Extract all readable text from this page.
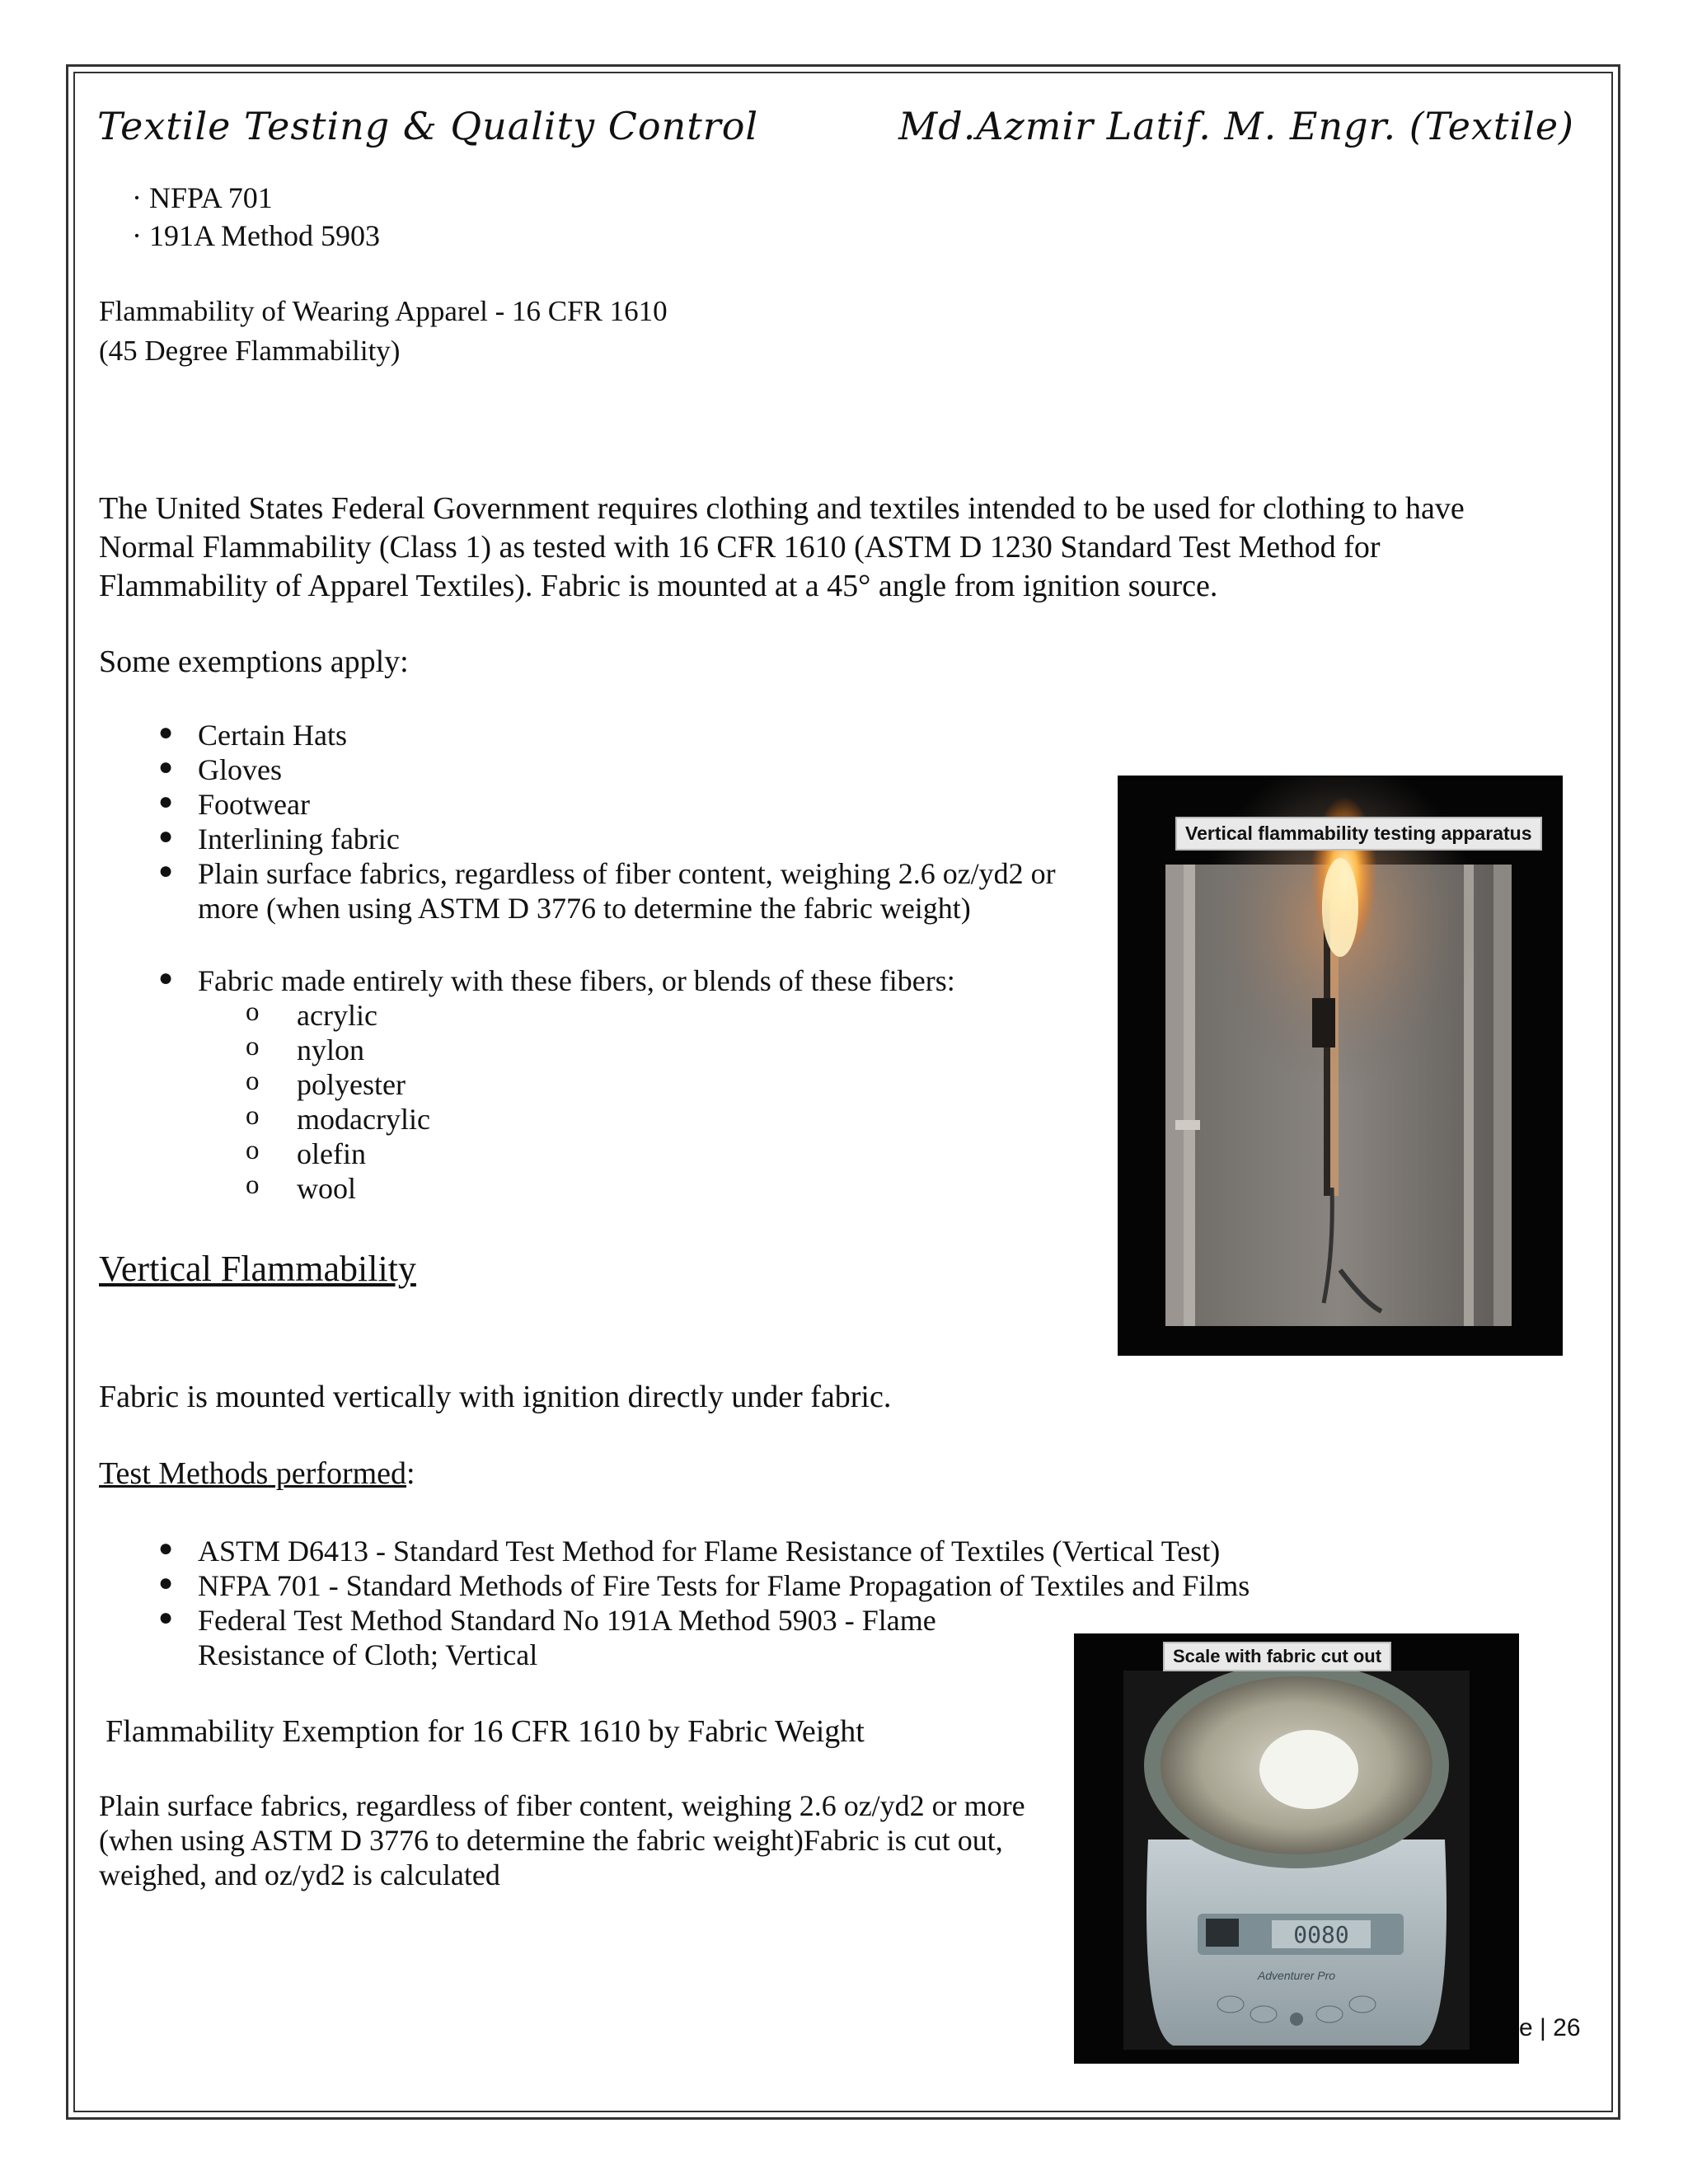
Textile Testing & Quality Control	Md.Azmir Latif. M. Engr. (Textile)
· NFPA 701
· 191A Method 5903
Flammability of Wearing Apparel - 16 CFR 1610
(45 Degree Flammability)
The United States Federal Government requires clothing and textiles intended to be used for clothing to have
Normal Flammability (Class 1) as tested with 16 CFR 1610 (ASTM D 1230 Standard Test Method for
Flammability of Apparel Textiles). Fabric is mounted at a 45° angle from ignition source.
Some exemptions apply:
● Certain Hats
● Gloves
● Footwear
● Interlining fabric
● Plain surface fabrics, regardless of fiber content, weighing 2.6 oz/yd2 or
more (when using ASTM D 3776 to determine the fabric weight)
● Fabric made entirely with these fibers, or blends of these fibers:
o acrylic
o nylon
o polyester
o modacrylic
o olefin
o wool
Vertical Flammability
Fabric is mounted vertically with ignition directly under fabric.
Test Methods performed:
● ASTM D6413 - Standard Test Method for Flame Resistance of Textiles (Vertical Test)
● NFPA 701 - Standard Methods of Fire Tests for Flame Propagation of Textiles and Films
● Federal Test Method Standard No 191A Method 5903 - Flame
Resistance of Cloth; Vertical
Flammability Exemption for 16 CFR 1610 by Fabric Weight
Plain surface fabrics, regardless of fiber content, weighing 2.6 oz/yd2 or more
(when using ASTM D 3776 to determine the fabric weight)Fabric is cut out,
weighed, and oz/yd2 is calculated
Vertical flammability testing apparatus
0080
Adventurer Pro
Scale with fabric cut out
e | 26
